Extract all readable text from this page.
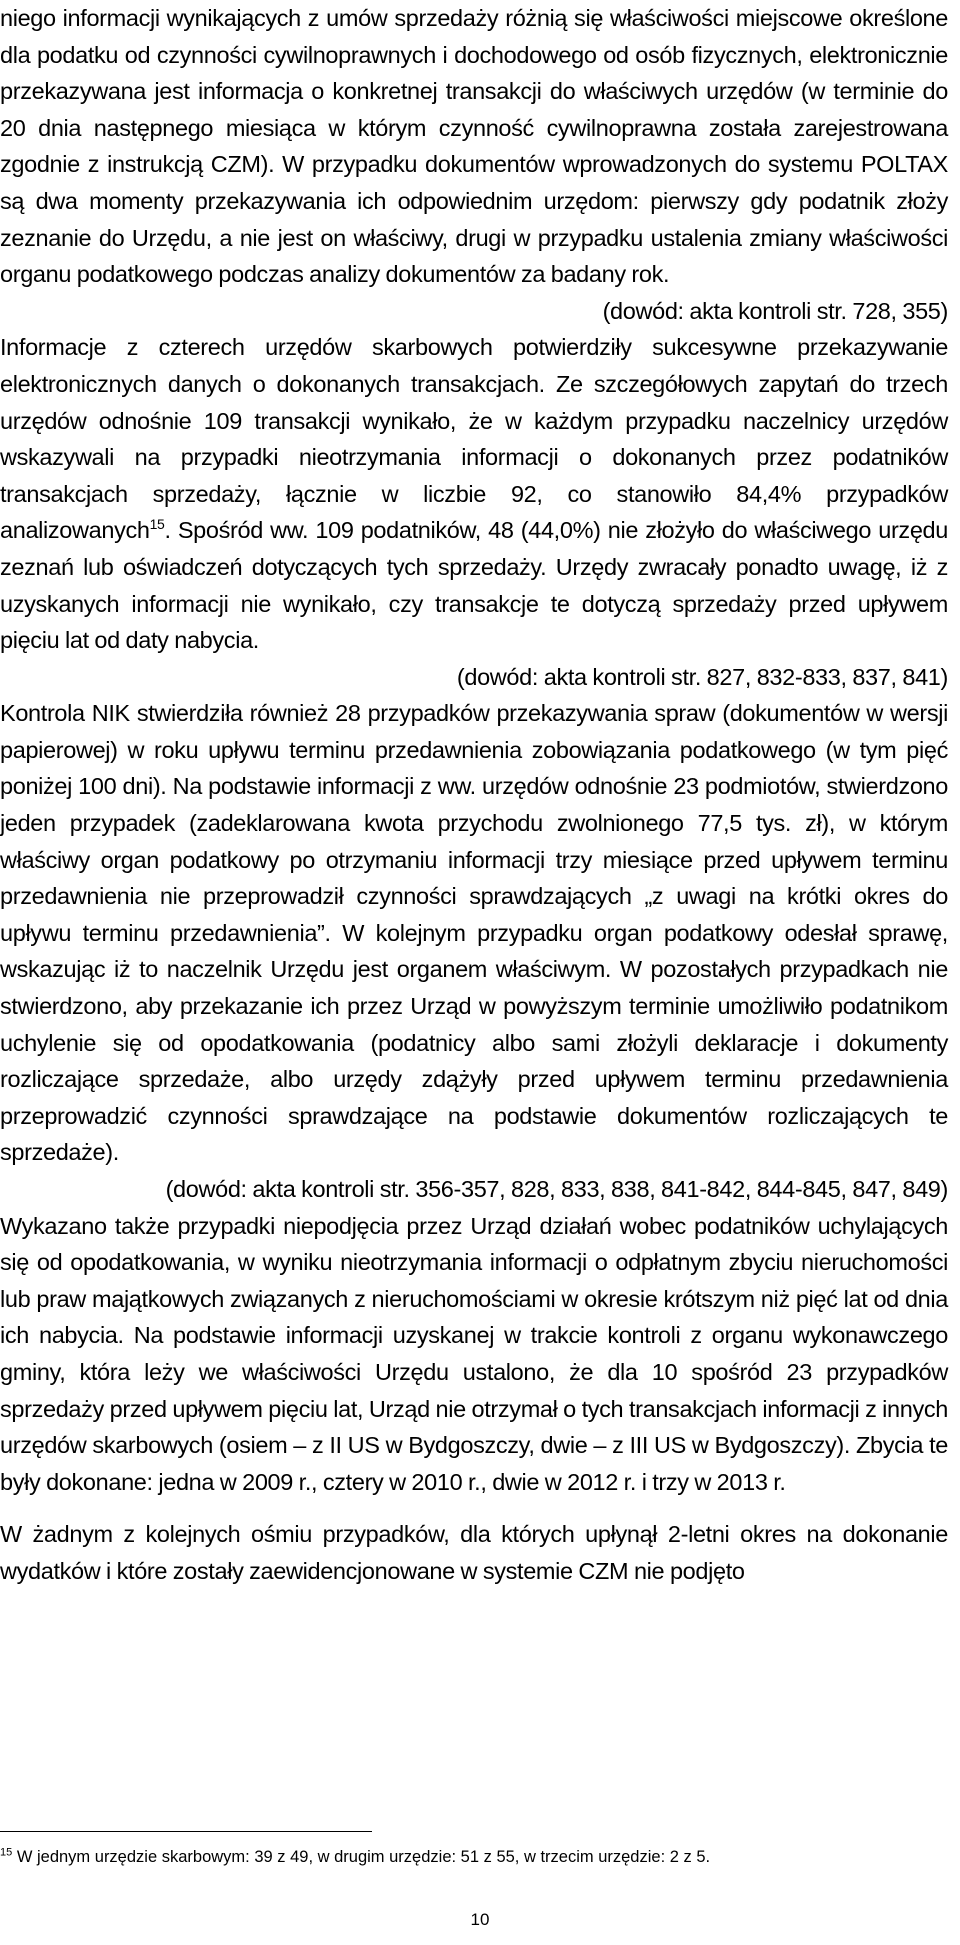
niego informacji wynikających z umów sprzedaży różnią się właściwości miejscowe określone dla podatku od czynności cywilnoprawnych i dochodowego od osób fizycznych, elektronicznie przekazywana jest informacja o konkretnej transakcji do właściwych urzędów (w terminie do 20 dnia następnego miesiąca w którym czynność cywilnoprawna została zarejestrowana zgodnie z instrukcją CZM). W przypadku dokumentów wprowadzonych do systemu POLTAX są dwa momenty przekazywania ich odpowiednim urzędom: pierwszy gdy podatnik złoży zeznanie do Urzędu, a nie jest on właściwy, drugi w przypadku ustalenia zmiany właściwości organu podatkowego podczas analizy dokumentów za badany rok.

(dowód: akta kontroli str. 728, 355)

Informacje z czterech urzędów skarbowych potwierdziły sukcesywne przekazywanie elektronicznych danych o dokonanych transakcjach. Ze szczegółowych zapytań do trzech urzędów odnośnie 109 transakcji wynikało, że w każdym przypadku naczelnicy urzędów wskazywali na przypadki nieotrzymania informacji o dokonanych przez podatników transakcjach sprzedaży, łącznie w liczbie 92, co stanowiło 84,4% przypadków analizowanych$^{15}$. Spośród ww. 109 podatników, 48 (44,0%) nie złożyło do właściwego urzędu zeznań lub oświadczeń dotyczących tych sprzedaży. Urzędy zwracały ponadto uwagę, iż z uzyskanych informacji nie wynikało, czy transakcje te dotyczą sprzedaży przed upływem pięciu lat od daty nabycia.

(dowód: akta kontroli str. 827, 832-833, 837, 841)

Kontrola NIK stwierdziła również 28 przypadków przekazywania spraw (dokumentów w wersji papierowej) w roku upływu terminu przedawnienia zobowiązania podatkowego (w tym pięć poniżej 100 dni). Na podstawie informacji z ww. urzędów odnośnie 23 podmiotów, stwierdzono jeden przypadek (zadeklarowana kwota przychodu zwolnionego 77,5 tys. zł), w którym właściwy organ podatkowy po otrzymaniu informacji trzy miesiące przed upływem terminu przedawnienia nie przeprowadził czynności sprawdzających „z uwagi na krótki okres do upływu terminu przedawnienia”. W kolejnym przypadku organ podatkowy odesłał sprawę, wskazując iż to naczelnik Urzędu jest organem właściwym. W pozostałych przypadkach nie stwierdzono, aby przekazanie ich przez Urząd w powyższym terminie umożliwiło podatnikom uchylenie się od opodatkowania (podatnicy albo sami złożyli deklaracje i dokumenty rozliczające sprzedaże, albo urzędy zdążyły przed upływem terminu przedawnienia przeprowadzić czynności sprawdzające na podstawie dokumentów rozliczających te sprzedaże).

(dowód: akta kontroli str. 356-357, 828, 833, 838, 841-842, 844-845, 847, 849)

Wykazano także przypadki niepodjęcia przez Urząd działań wobec podatników uchylających się od opodatkowania, w wyniku nieotrzymania informacji o odpłatnym zbyciu nieruchomości lub praw majątkowych związanych z nieruchomościami w okresie krótszym niż pięć lat od dnia ich nabycia. Na podstawie informacji uzyskanej w trakcie kontroli z organu wykonawczego gminy, która leży we właściwości Urzędu ustalono, że dla 10 spośród 23 przypadków sprzedaży przed upływem pięciu lat, Urząd nie otrzymał o tych transakcjach informacji z innych urzędów skarbowych (osiem – z II US w Bydgoszczy, dwie – z III US w Bydgoszczy). Zbycia te były dokonane: jedna w 2009 r., cztery w 2010 r., dwie w 2012 r. i trzy w 2013 r.

W żadnym z kolejnych ośmiu przypadków, dla których upłynął 2-letni okres na dokonanie wydatków i które zostały zaewidencjonowane w systemie CZM nie podjęto

$^{15}$ W jednym urzędzie skarbowym: 39 z 49, w drugim urzędzie: 51 z 55, w trzecim urzędzie: 2 z 5.
10
